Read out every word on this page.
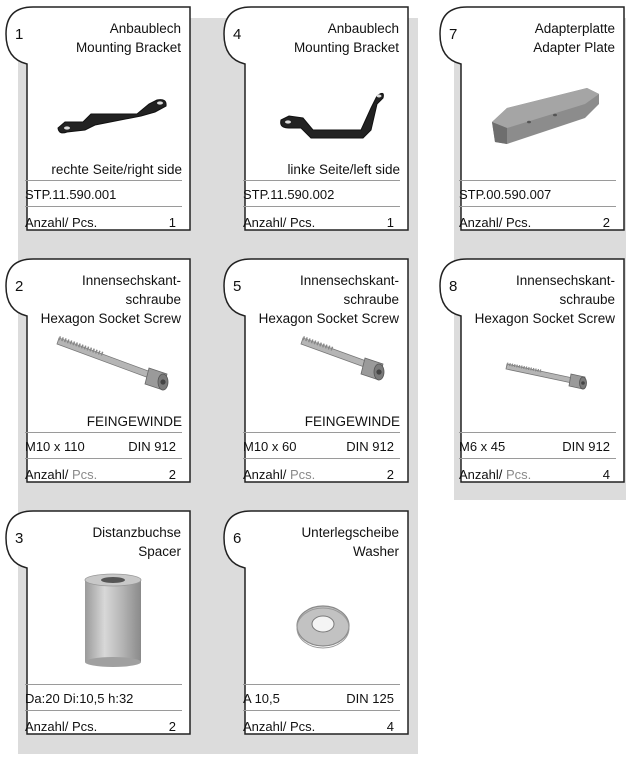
1	Anbaublech
Mounting Bracket
rechte Seite/right side
STP.11.590.001
Anzahl/ Pcs.	1
4	Anbaublech
Mounting Bracket
linke Seite/left side
STP.11.590.002
Anzahl/ Pcs.	1
7	Adapterplatte
Adapter Plate
STP.00.590.007
Anzahl/ Pcs.	2
2	Innensechskant-
schraube
Hexagon Socket Screw
FEINGEWINDE
M10 x 110	DIN 912
Anzahl/ Pcs.	2
5	Innensechskant-
schraube
Hexagon Socket Screw
FEINGEWINDE
M10 x 60	DIN 912
Anzahl/ Pcs.	2
8	Innensechskant-
schraube
Hexagon Socket Screw
M6 x 45	DIN 912
Anzahl/ Pcs.	4
3	Distanzbuchse
Spacer
Da:20 Di:10,5 h:32
Anzahl/ Pcs.	2
6	Unterlegscheibe
Washer
A 10,5	DIN 125
Anzahl/ Pcs.	4
